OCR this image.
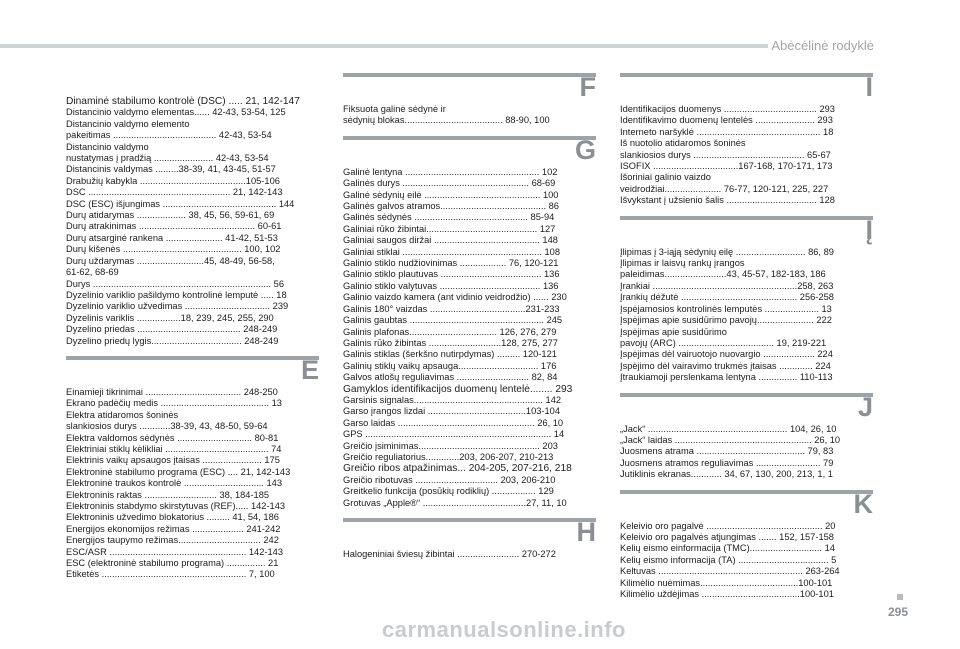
Abėcėlinė rodyklė
Dinaminė stabilumo kontrolė (DSC) ..... 21, 142-147
Distancinio valdymo elementas...... 42-43, 53-54, 125
Distancinio valdymo elemento
pakeitimas ........................................ 42-43, 53-54
Distancinio valdymo
nustatymas į pradžią ....................... 42-43, 53-54
Distancinis valdymas .........38-39, 41, 43-45, 51-57
Drabužių kabykla .........................................105-106
DSC ....................................................... 21, 142-143
DSC (ESC) išjungimas ............................................ 144
Durų atidarymas ................... 38, 45, 56, 59-61, 69
Durų atrakinimas ............................................. 60-61
Durų atsarginė rankena ...................... 41-42, 51-53
Durų kišenės .............................................. 100, 102
Durų uždarymas ..........................45, 48-49, 56-58,
61-62, 68-69
Durys ..................................................................... 56
Dyzelinio variklio pašildymo kontrolinė lemputė ..... 18
Dyzelinio variklio užvedimas ................................. 239
Dyzelinis variklis .................18, 239, 245, 255, 290
Dyzelino priedas ........................................ 248-249
Dyzelino priedų lygis................................... 248-249
E
Einamieji tikrinimai ..................................... 248-250
Ekrano padėčių medis .......................................... 13
Elektra atidaromos šoninės
slankiosios durys ............38-39, 43, 48-50, 59-64
Elektra valdomos sėdynės ............................. 80-81
Elektriniai stiklų kėlikliai ........................................ 74
Elektrinis vaikų apsaugos įtaisas ....................... 175
Elektroninė stabilumo programa (ESC) .... 21, 142-143
Elektroninė traukos kontrolė ............................... 143
Elektroninis raktas ............................ 38, 184-185
Elektroninis stabdymo skirstytuvas (REF)..... 142-143
Elektroninis užvedimo blokatorius ......... 41, 54, 186
Energijos ekonomijos režimas .................... 241-242
Energijos taupymo režimas................................ 242
ESC/ASR ..................................................... 142-143
ESC (elektroninė stabilumo programa) ............... 21
Etiketės ........................................................ 7, 100
F
Fiksuota galinė sėdynė ir
sėdynių blokas...................................... 88-90, 100
G
Galinė lentyna .................................................... 102
Galinės durys ................................................. 68-69
Galinė sėdynių eilė ............................................. 100
Galinės galvos atramos......................................... 86
Galinės sėdynės ............................................ 85-94
Galiniai rūko žibintai........................................... 127
Galiniai saugos diržai ......................................... 148
Galiniai stiklai ...................................................... 108
Galinio stiklo nudžiovinimas .................. 76, 120-121
Galinio stiklo plautuvas ....................................... 136
Galinio stiklo valytuvas ....................................... 136
Galinio vaizdo kamera (ant vidinio veidrodžio) ...... 230
Galinis 180° vaizdas .....................................231-233
Galinis gaubtas .................................................... 245
Galinis plafonas.................................. 126, 276, 279
Galinis rūko žibintas ............................128, 275, 277
Galinis stiklas (šerkšno nutirpdymas) ......... 120-121
Galinių stiklų vaikų apsauga............................... 176
Galvos atlošų reguliavimas ............................ 82, 84
Gamyklos identifikacijos duomenų lentelė........ 293
Garsinis signalas.................................................. 142
Garso įrangos lizdai ......................................103-104
Garso laidas ..................................................... 26, 10
GPS ........................................................................ 14
Greičio įsiminimas............................................... 203
Greičio reguliatorius.............203, 206-207, 210-213
Greičio ribos atpažinimas... 204-205, 207-216, 218
Greičio ribotuvas ................................ 203, 206-210
Greitkelio funkcija (posūkių rodiklių) ................. 129
Grotuvas „Apple®“ ........................................27, 11, 10
H
Halogeniniai šviesų žibintai ........................ 270-272
I
Identifikacijos duomenys .................................... 293
Identifikavimo duomenų lentelės ....................... 293
Interneto naršyklė ................................................ 18
Iš nuotolio atidaromos šoninės
slankiosios durys ........................................... 65-67
ISOFIX .................................167-168, 170-171, 173
Išoriniai galinio vaizdo
veidrodžiai...................... 76-77, 120-121, 225, 227
Išvykstant į užsienio šalis ................................... 128
Į
Įlipimas į 3-iąją sėdynių eilę ........................... 86, 89
Įlipimas ir laisvų rankų įrangos
paleidimas........................43, 45-57, 182-183, 186
Įrankiai ........................................................258, 263
Įrankių dėžutė ............................................. 256-258
Įspėjamosios kontrolinės lemputės ..................... 13
Įspėjimas apie susidūrimo pavojų...................... 222
Įspėjimas apie susidūrimo
pavojų (ARC) ..................................... 19, 219-221
Įspėjimas dėl vairuotojo nuovargio .................... 224
Įspėjimo dėl vairavimo trukmės įtaisas ............. 224
Įtraukiamoji perslenkama lentyna ............... 110-113
J
„Jack“ ...................................................... 104, 26, 10
„Jack“ laidas ..................................................... 26, 10
Juosmens atrama .......................................... 79, 83
Juosmens atramos reguliavimas ......................... 79
Jutiklinis ekranas............ 34, 67, 130, 200, 213, 1, 1
K
Keleivio oro pagalvė ............................................. 20
Keleivio oro pagalvės atjungimas ....... 152, 157-158
Kelių eismo einformacija (TMC)............................ 14
Kelių eismo informacija (TA) ................................... 5
Keltuvas ........................................................ 263-264
Kilimėlio nuėmimas......................................100-101
Kilimėlio uždėjimas ......................................100-101
295
carmanualsonline.info
